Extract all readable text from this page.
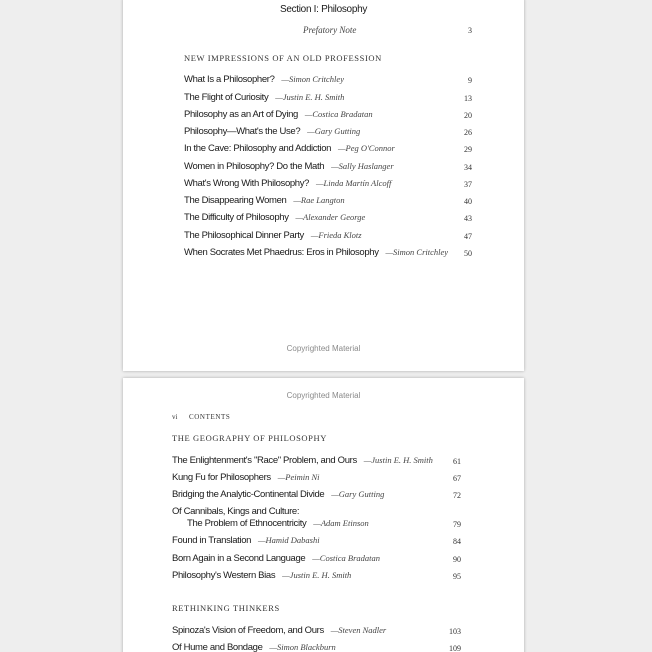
Section I: Philosophy
Prefatory Note	3
NEW IMPRESSIONS OF AN OLD PROFESSION
What Is a Philosopher? —Simon Critchley	9
The Flight of Curiosity —Justin E. H. Smith	13
Philosophy as an Art of Dying —Costica Bradatan	20
Philosophy—What's the Use? —Gary Gutting	26
In the Cave: Philosophy and Addiction —Peg O'Connor	29
Women in Philosophy? Do the Math —Sally Haslanger	34
What's Wrong With Philosophy? —Linda Martín Alcoff	37
The Disappearing Women —Rae Langton	40
The Difficulty of Philosophy —Alexander George	43
The Philosophical Dinner Party —Frieda Klotz	47
When Socrates Met Phaedrus: Eros in Philosophy —Simon Critchley	50
Copyrighted Material
Copyrighted Material
vi CONTENTS
THE GEOGRAPHY OF PHILOSOPHY
The Enlightenment's "Race" Problem, and Ours —Justin E. H. Smith	61
Kung Fu for Philosophers —Peimin Ni	67
Bridging the Analytic-Continental Divide —Gary Gutting	72
Of Cannibals, Kings and Culture:
The Problem of Ethnocentricity —Adam Etinson	79
Found in Translation —Hamid Dabashi	84
Born Again in a Second Language —Costica Bradatan	90
Philosophy's Western Bias —Justin E. H. Smith	95
RETHINKING THINKERS
Spinoza's Vision of Freedom, and Ours —Steven Nadler	103
Of Hume and Bondage —Simon Blackburn	109
